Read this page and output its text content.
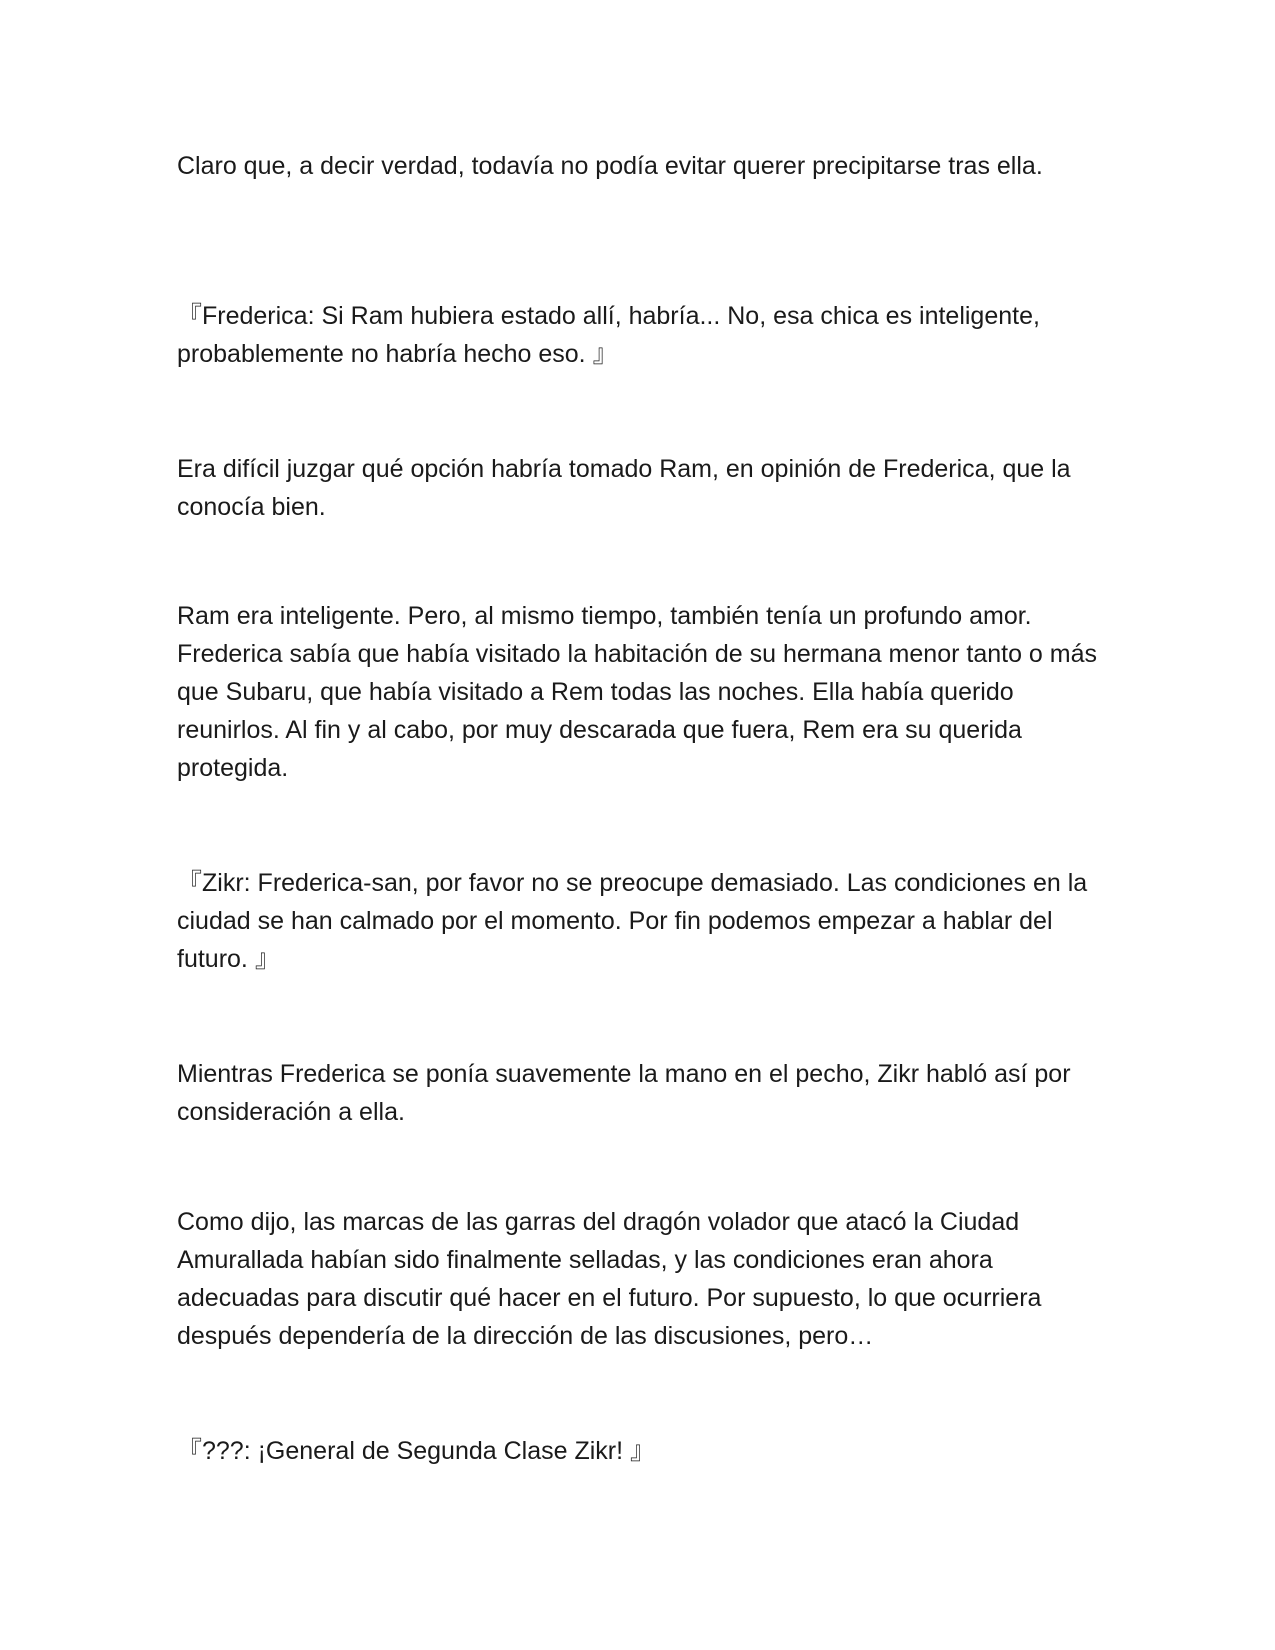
Claro que, a decir verdad, todavía no podía evitar querer precipitarse tras ella.

『Frederica: Si Ram hubiera estado allí, habría... No, esa chica es inteligente, probablemente no habría hecho eso. 』

Era difícil juzgar qué opción habría tomado Ram, en opinión de Frederica, que la conocía bien.

Ram era inteligente. Pero, al mismo tiempo, también tenía un profundo amor. Frederica sabía que había visitado la habitación de su hermana menor tanto o más que Subaru, que había visitado a Rem todas las noches. Ella había querido reunirlos. Al fin y al cabo, por muy descarada que fuera, Rem era su querida protegida.

『Zikr: Frederica-san, por favor no se preocupe demasiado. Las condiciones en la ciudad se han calmado por el momento. Por fin podemos empezar a hablar del futuro. 』

Mientras Frederica se ponía suavemente la mano en el pecho, Zikr habló así por consideración a ella.

Como dijo, las marcas de las garras del dragón volador que atacó la Ciudad Amurallada habían sido finalmente selladas, y las condiciones eran ahora adecuadas para discutir qué hacer en el futuro. Por supuesto, lo que ocurriera después dependería de la dirección de las discusiones, pero…

『???: ¡General de Segunda Clase Zikr! 』
